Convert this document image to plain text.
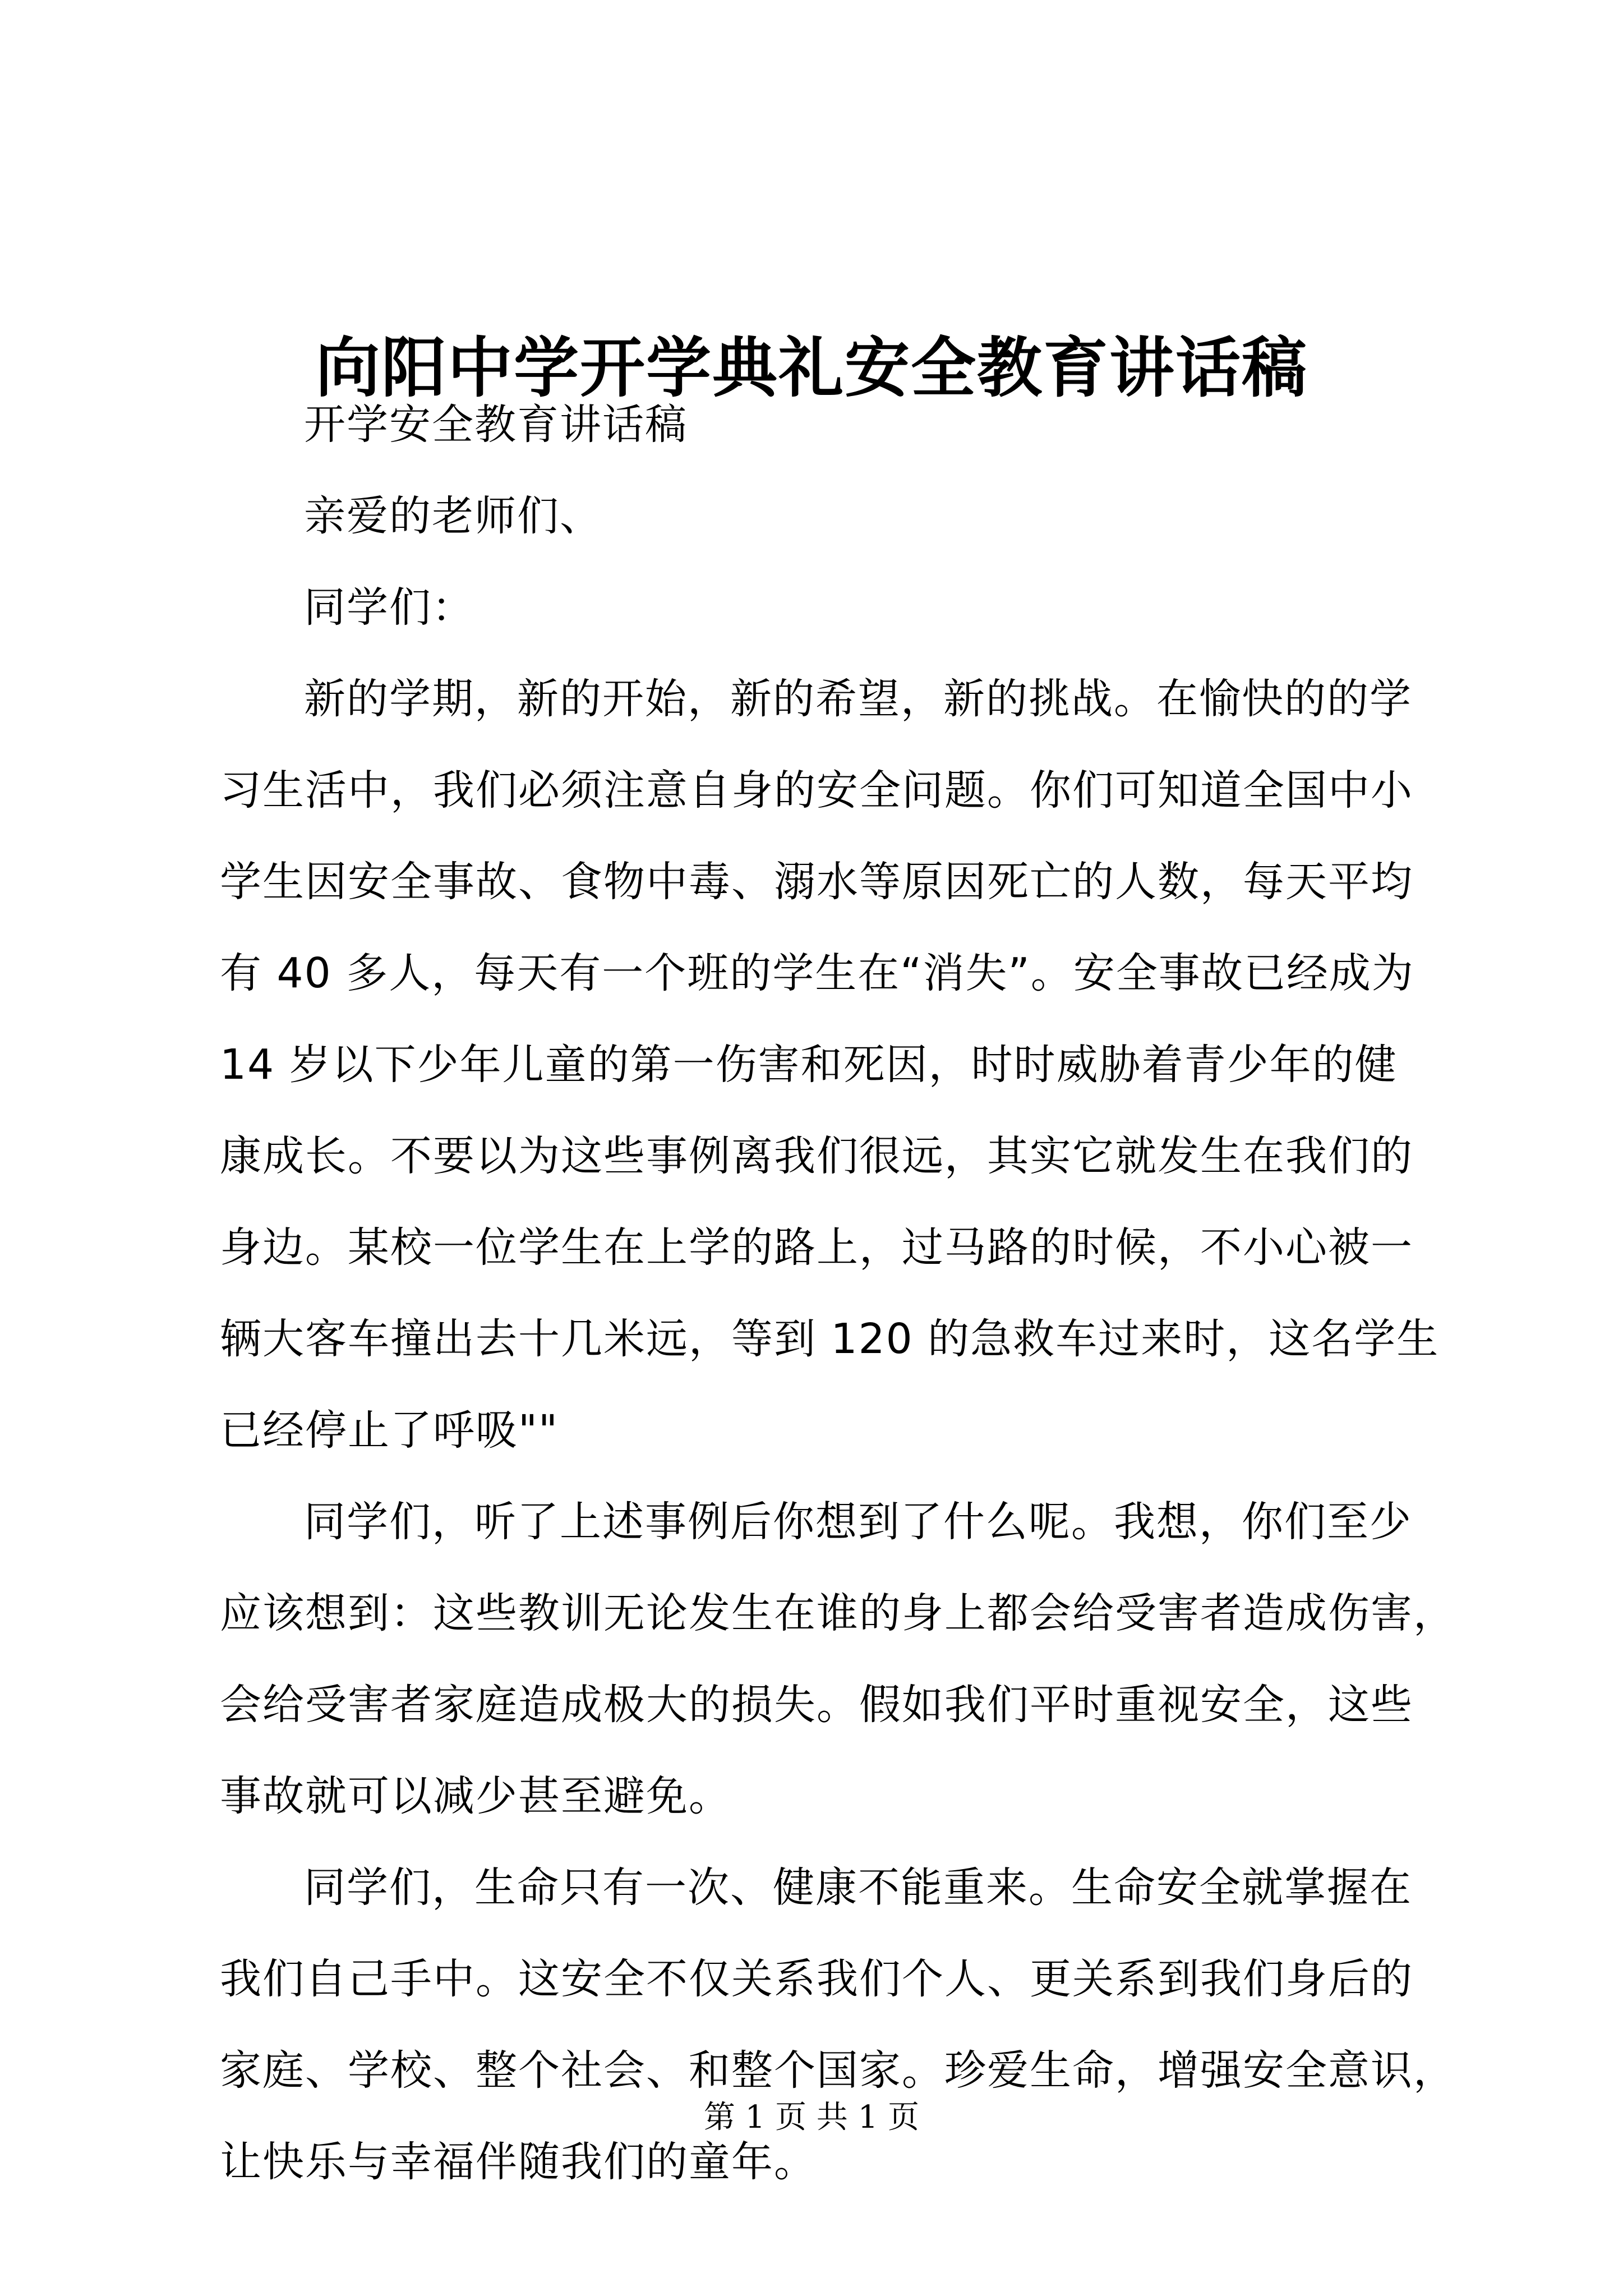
向阳中学开学典礼安全教育讲话稿

开学安全教育讲话稿

亲爱的老师们、

同学们：

新的学期，新的开始，新的希望，新的挑战。在愉快的的学

习生活中，我们必须注意自身的安全问题。你们可知道全国中小

学生因安全事故、食物中毒、溺水等原因死亡的人数，每天平均

有 40 多人，每天有一个班的学生在“消失”。安全事故已经成为

14 岁以下少年儿童的第一伤害和死因，时时威胁着青少年的健

康成长。不要以为这些事例离我们很远，其实它就发生在我们的

身边。某校一位学生在上学的路上，过马路的时候，不小心被一

辆大客车撞出去十几米远，等到 120 的急救车过来时，这名学生

已经停止了呼吸""

同学们，听了上述事例后你想到了什么呢。我想，你们至少

应该想到：这些教训无论发生在谁的身上都会给受害者造成伤害，

会给受害者家庭造成极大的损失。假如我们平时重视安全，这些

事故就可以减少甚至避免。

同学们，生命只有一次、健康不能重来。生命安全就掌握在

我们自己手中。这安全不仅关系我们个人、更关系到我们身后的

家庭、学校、整个社会、和整个国家。珍爱生命，增强安全意识，

让快乐与幸福伴随我们的童年。

第 1 页 共 1 页
